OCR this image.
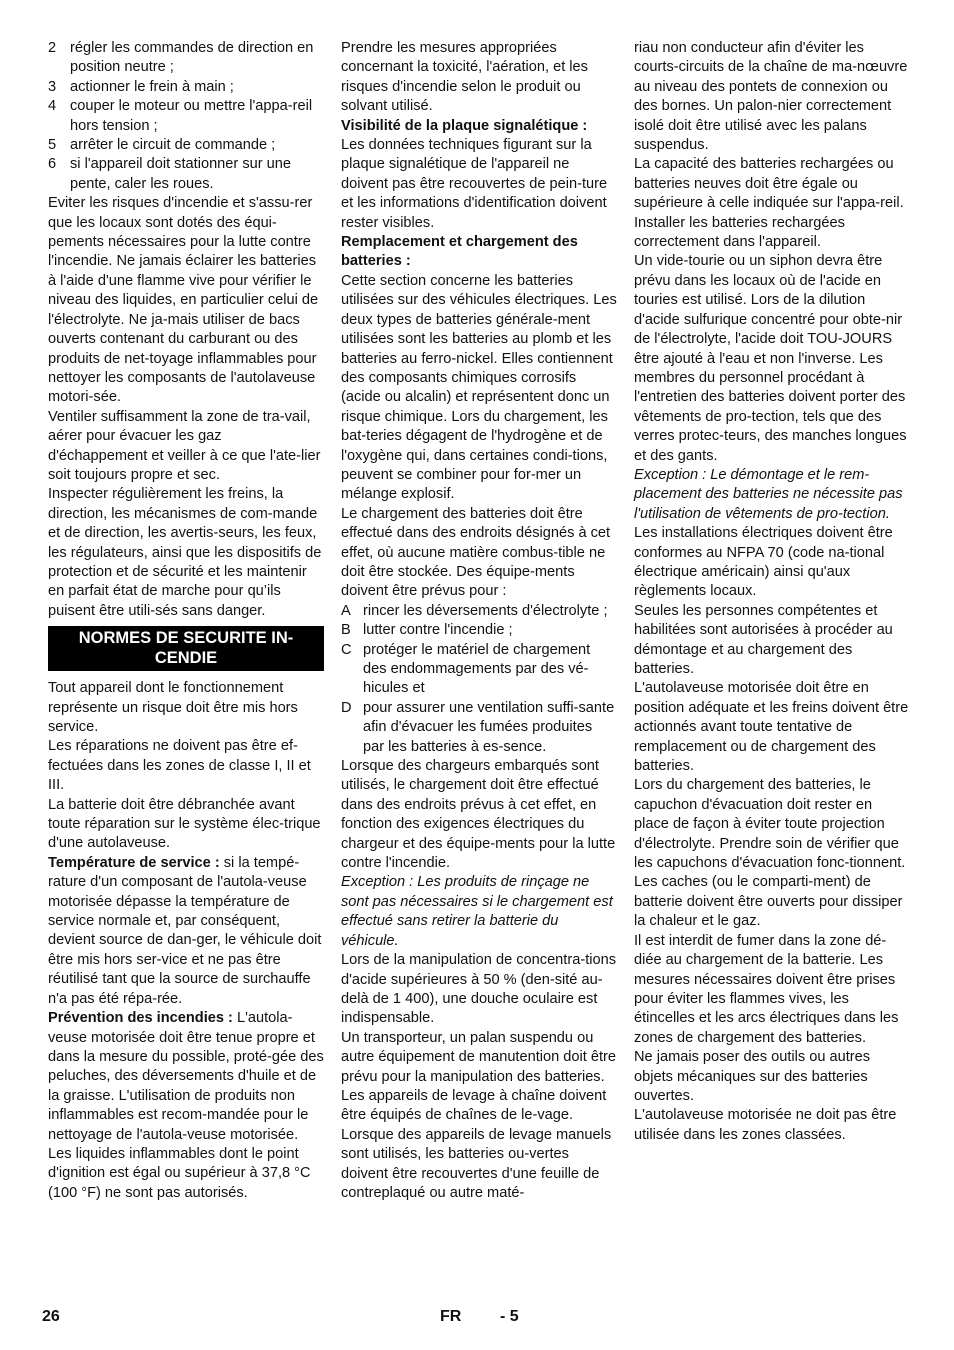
2 régler les commandes de direction en position neutre ;
3 actionner le frein à main ;
4 couper le moteur ou mettre l'appa-reil hors tension ;
5 arrêter le circuit de commande ;
6 si l'appareil doit stationner sur une pente, caler les roues.

Eviter les risques d'incendie et s'assu-rer que les locaux sont dotés des équi-pements nécessaires pour la lutte contre l'incendie. Ne jamais éclairer les batteries à l'aide d'une flamme vive pour vérifier le niveau des liquides, en particulier celui de l'électrolyte. Ne ja-mais utiliser de bacs ouverts contenant du carburant ou des produits de net-toyage inflammables pour nettoyer les composants de l'autolaveuse motori-sée.

Ventiler suffisamment la zone de tra-vail, aérer pour évacuer les gaz d'échappement et veiller à ce que l'ate-lier soit toujours propre et sec.

Inspecter régulièrement les freins, la direction, les mécanismes de com-mande et de direction, les avertis-seurs, les feux, les régulateurs, ainsi que les dispositifs de protection et de sécurité et les maintenir en parfait état de marche pour qu’ils puisent être utili-sés sans danger.

NORMES DE SECURITE IN-CENDIE

Tout appareil dont le fonctionnement représente un risque doit être mis hors service.

Les réparations ne doivent pas être ef-fectuées dans les zones de classe I, II et III.

La batterie doit être débranchée avant toute réparation sur le système élec-trique d'une autolaveuse.

Température de service : si la tempé-rature d'un composant de l'autola-veuse motorisée dépasse la température de service normale et, par conséquent, devient source de dan-ger, le véhicule doit être mis hors ser-vice et ne pas être réutilisé tant que la source de surchauffe n'a pas été répa-rée.

Prévention des incendies : L'autola-veuse motorisée doit être tenue propre et dans la mesure du possible, proté-gée des peluches, des déversements d'huile et de la graisse. L'utilisation de produits non inflammables est recom-mandée pour le nettoyage de l'autola-veuse motorisée. Les liquides inflammables dont le point d'ignition est égal ou supérieur à 37,8 °C (100 °F) ne sont pas autorisés.

Prendre les mesures appropriées concernant la toxicité, l'aération, et les risques d'incendie selon le produit ou solvant utilisé.

Visibilité de la plaque signalétique :

Les données techniques figurant sur la plaque signalétique de l'appareil ne doivent pas être recouvertes de pein-ture et les informations d'identification doivent rester visibles.

Remplacement et chargement des batteries :

Cette section concerne les batteries utilisées sur des véhicules électriques. Les deux types de batteries générale-ment utilisées sont les batteries au plomb et les batteries au ferro-nickel. Elles contiennent des composants chimiques corrosifs (acide ou alcalin) et représentent donc un risque chimique. Lors du chargement, les bat-teries dégagent de l'hydrogène et de l'oxygène qui, dans certaines condi-tions, peuvent se combiner pour for-mer un mélange explosif.

Le chargement des batteries doit être effectué dans des endroits désignés à cet effet, où aucune matière combus-tible ne doit être stockée. Des équipe-ments doivent être prévus pour :

A rincer les déversements d'électrolyte ;
B lutter contre l'incendie ;
C protéger le matériel de chargement des endommagements par des vé-hicules et
D pour assurer une ventilation suffi-sante afin d'évacuer les fumées produites par les batteries à es-sence.

Lorsque des chargeurs embarqués sont utilisés, le chargement doit être effectué dans des endroits prévus à cet effet, en fonction des exigences électriques du chargeur et des équipe-ments pour la lutte contre l'incendie.

Exception : Les produits de rinçage ne sont pas nécessaires si le chargement est effectué sans retirer la batterie du véhicule.

Lors de la manipulation de concentra-tions d'acide supérieures à 50 % (den-sité au-delà de 1 400), une douche oculaire est indispensable.

Un transporteur, un palan suspendu ou autre équipement de manutention doit être prévu pour la manipulation des batteries.

Les appareils de levage à chaîne doivent être équipés de chaînes de le-vage. Lorsque des appareils de levage manuels sont utilisés, les batteries ou-vertes doivent être recouvertes d'une feuille de contreplaqué ou autre maté-

riau non conducteur afin d'éviter les courts-circuits de la chaîne de ma-nœuvre au niveau des pontets de connexion ou des bornes. Un palon-nier correctement isolé doit être utilisé avec les palans suspendus.

La capacité des batteries rechargées ou batteries neuves doit être égale ou supérieure à celle indiquée sur l'appa-reil. Installer les batteries rechargées correctement dans l'appareil.

Un vide-tourie ou un siphon devra être prévu dans les locaux où de l'acide en touries est utilisé. Lors de la dilution d'acide sulfurique concentré pour obte-nir de l'électrolyte, l'acide doit TOU-JOURS être ajouté à l'eau et non l'inverse. Les membres du personnel procédant à l'entretien des batteries doivent porter des vêtements de pro-tection, tels que des verres protec-teurs, des manches longues et des gants.

Exception : Le démontage et le rem-placement des batteries ne nécessite pas l'utilisation de vêtements de pro-tection.

Les installations électriques doivent être conformes au NFPA 70 (code na-tional électrique américain) ainsi qu'aux règlements locaux.

Seules les personnes compétentes et habilitées sont autorisées à procéder au démontage et au chargement des batteries.

L'autolaveuse motorisée doit être en position adéquate et les freins doivent être actionnés avant toute tentative de remplacement ou de chargement des batteries.

Lors du chargement des batteries, le capuchon d'évacuation doit rester en place de façon à éviter toute projection d'électrolyte. Prendre soin de vérifier que les capuchons d'évacuation fonc-tionnent. Les caches (ou le comparti-ment) de batterie doivent être ouverts pour dissiper la chaleur et le gaz.

Il est interdit de fumer dans la zone dé-diée au chargement de la batterie. Les mesures nécessaires doivent être prises pour éviter les flammes vives, les étincelles et les arcs électriques dans les zones de chargement des batteries.

Ne jamais poser des outils ou autres objets mécaniques sur des batteries ouvertes.

L'autolaveuse motorisée ne doit pas être utilisée dans les zones classées.

26	FR - 5
